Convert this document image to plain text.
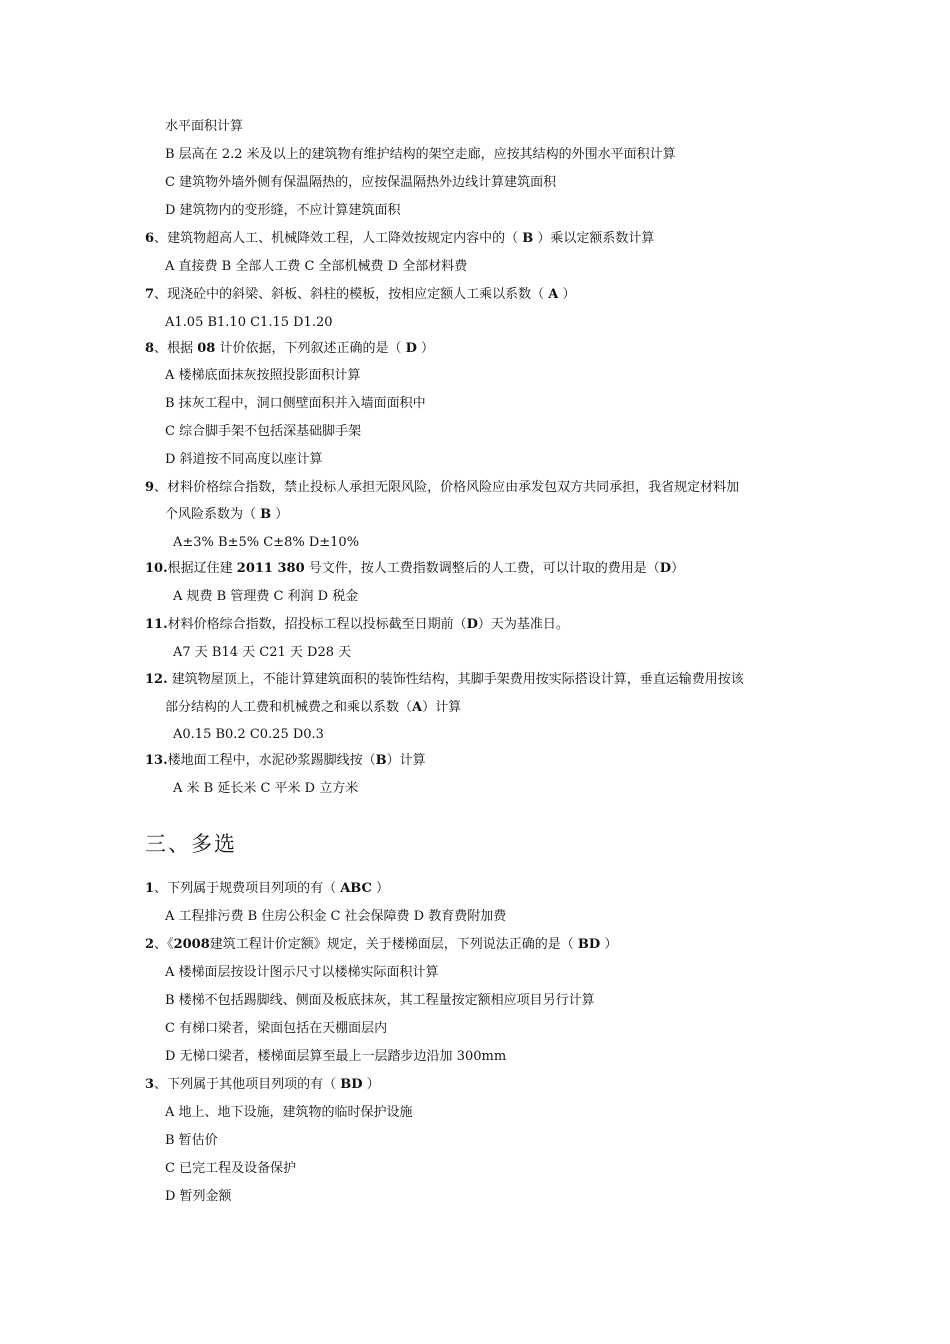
水平面积计算
B 层高在 2.2 米及以上的建筑物有维护结构的架空走廊，应按其结构的外围水平面积计算
C 建筑物外墙外侧有保温隔热的，应按保温隔热外边线计算建筑面积
D 建筑物内的变形缝，不应计算建筑面积
6、建筑物超高人工、机械降效工程，人工降效按规定内容中的（ B ）乘以定额系数计算
A 直接费 B 全部人工费 C 全部机械费 D 全部材料费
7、现浇砼中的斜梁、斜板、斜柱的模板，按相应定额人工乘以系数（ A ）
A1.05 B1.10 C1.15 D1.20
8、根据 08 计价依据，下列叙述正确的是（ D ）
A 楼梯底面抹灰按照投影面积计算
B 抹灰工程中，洞口侧壁面积并入墙面面积中
C 综合脚手架不包括深基础脚手架
D 斜道按不同高度以座计算
9、材料价格综合指数，禁止投标人承担无限风险，价格风险应由承发包双方共同承担，我省规定材料加
个风险系数为（ B ）
A±3% B±5% C±8% D±10%
10.根据辽住建 2011 380 号文件，按人工费指数调整后的人工费，可以计取的费用是（D）
A 规费 B 管理费 C 利润 D 税金
11.材料价格综合指数，招投标工程以投标截至日期前（D）天为基准日。
A7 天 B14 天 C21 天 D28 天
12. 建筑物屋顶上，不能计算建筑面积的装饰性结构，其脚手架费用按实际搭设计算，垂直运输费用按该
部分结构的人工费和机械费之和乘以系数（A）计算
A0.15 B0.2 C0.25 D0.3
13.楼地面工程中，水泥砂浆踢脚线按（B）计算
A 米 B 延长米 C 平米 D 立方米
三、多选
1、下列属于规费项目列项的有（ ABC ）
A 工程排污费 B 住房公积金 C 社会保障费 D 教育费附加费
2、《2008建筑工程计价定额》规定，关于楼梯面层，下列说法正确的是（ BD ）
A 楼梯面层按设计图示尺寸以楼梯实际面积计算
B 楼梯不包括踢脚线、侧面及板底抹灰，其工程量按定额相应项目另行计算
C 有梯口梁者，梁面包括在天棚面层内
D 无梯口梁者，楼梯面层算至最上一层踏步边沿加 300mm
3、下列属于其他项目列项的有（ BD ）
A 地上、地下设施，建筑物的临时保护设施
B 暂估价
C 已完工程及设备保护
D 暂列金额
